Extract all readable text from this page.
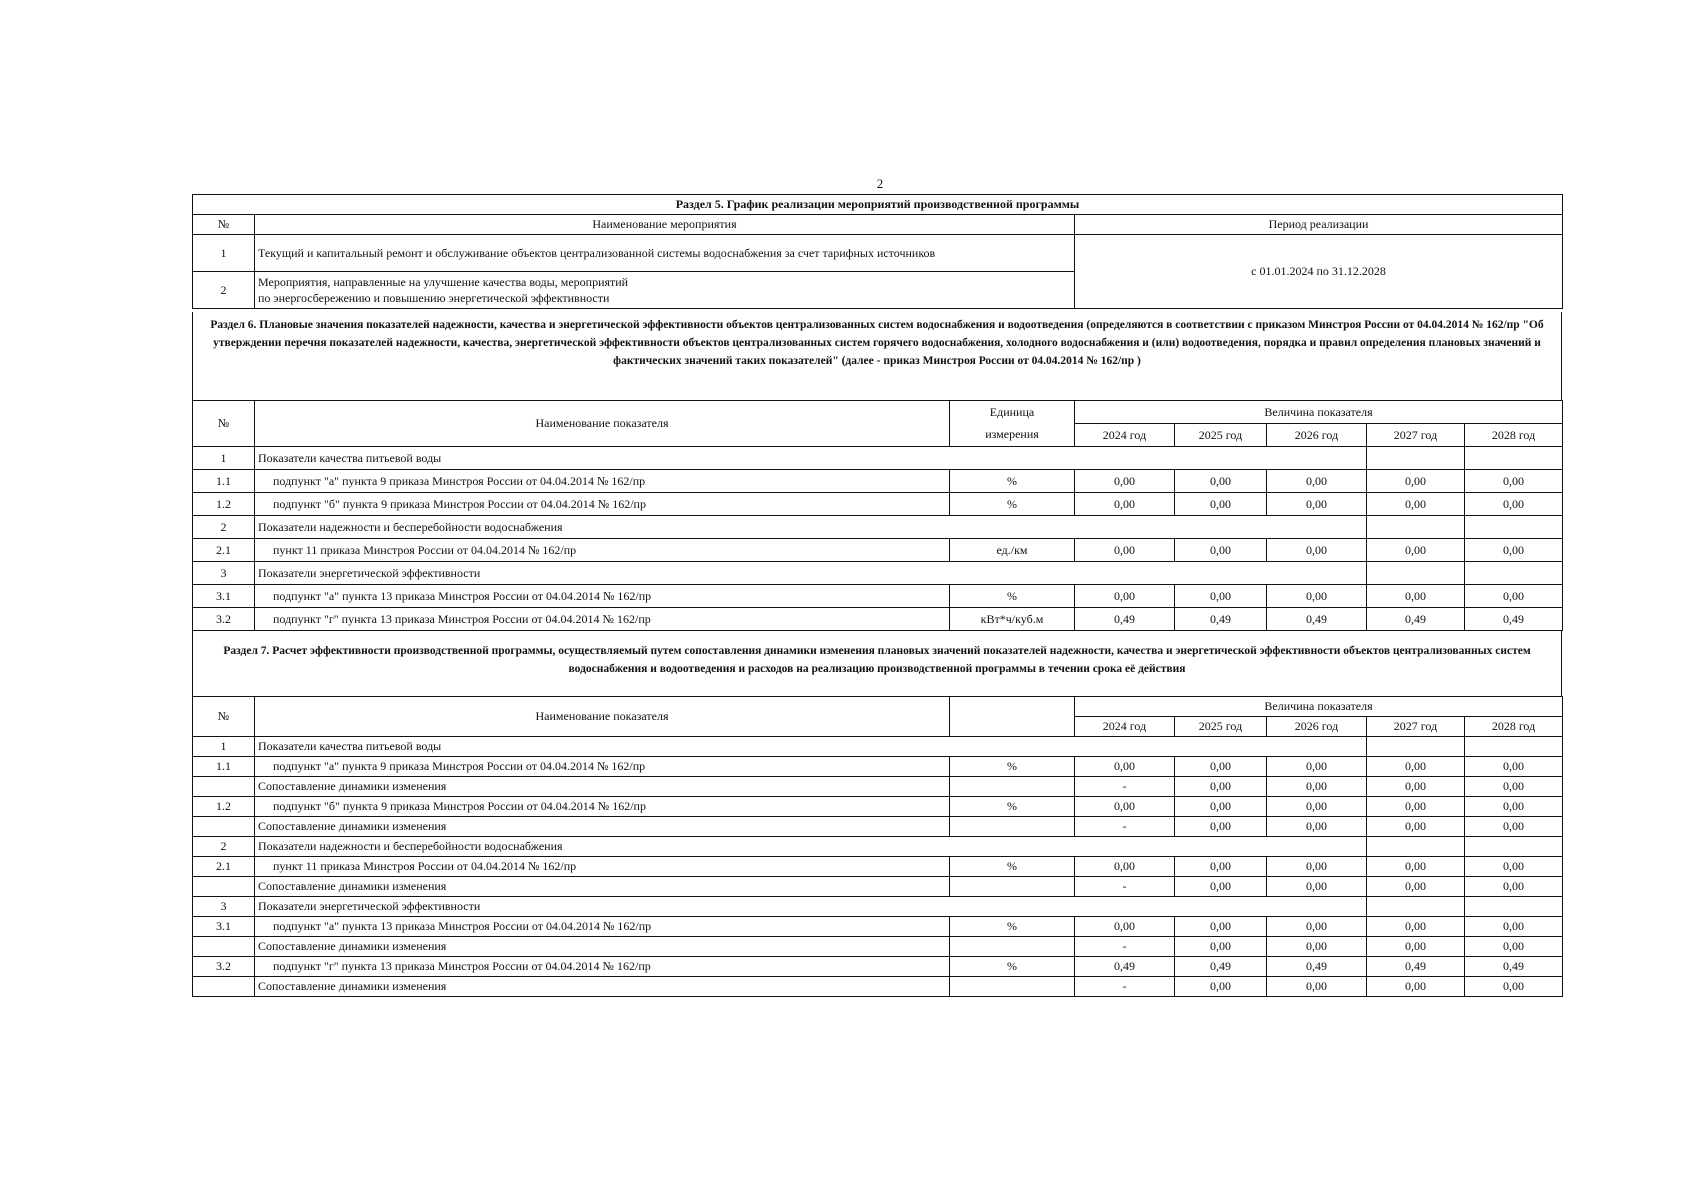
2
Раздел 5. График реализации мероприятий производственной программы		
№	Наименование мероприятия	Период реализации
1	Текущий и капитальный ремонт и обслуживание объектов централизованной системы водоснабжения за счет тарифных источников	с 01.01.2024 по 31.12.2028
2	Мероприятия, направленные на улучшение качества воды, мероприятий
по энергосбережению и повышению энергетической эффективности	
Раздел 6. Плановые значения показателей надежности, качества и энергетической эффективности объектов централизованных систем водоснабжения и водоотведения (определяются в соответствии с приказом Минстроя России от 04.04.2014 № 162/пр "Об утверждении перечня показателей надежности, качества, энергетической эффективности объектов централизованных систем горячего водоснабжения, холодного водоснабжения и (или) водоотведения, порядка и правил определения плановых значений и фактических значений таких показателей" (далее - приказ Минстроя России от 04.04.2014 № 162/пр )
№	Наименование показателя	Единица	Величина показателя				
		измерения	2024 год	2025 год	2026 год	2027 год	2028 год
1	Показатели качества питьевой воды						
1.1	подпункт "а" пункта 9 приказа Минстроя России от 04.04.2014 № 162/пр	%	0,00	0,00	0,00	0,00	0,00
1.2	подпункт "б" пункта 9 приказа Минстроя России от 04.04.2014 № 162/пр	%	0,00	0,00	0,00	0,00	0,00
2	Показатели надежности и бесперебойности водоснабжения						
2.1	пункт 11 приказа Минстроя России от 04.04.2014 № 162/пр	ед./км	0,00	0,00	0,00	0,00	0,00
3	Показатели энергетической эффективности						
3.1	подпункт "а" пункта 13 приказа Минстроя России от 04.04.2014 № 162/пр	%	0,00	0,00	0,00	0,00	0,00
3.2	подпункт "г" пункта 13 приказа Минстроя России от 04.04.2014 № 162/пр	кВт*ч/куб.м	0,49	0,49	0,49	0,49	0,49
Раздел 7. Расчет эффективности производственной программы, осуществляемый путем сопоставления динамики изменения плановых значений показателей надежности, качества и энергетической эффективности объектов централизованных систем водоснабжения и водоотведения и расходов на реализацию производственной программы в течении срока её действия
№	Наименование показателя		Величина показателя				
			2024 год	2025 год	2026 год	2027 год	2028 год
1	Показатели качества питьевой воды						
1.1	подпункт "а" пункта 9 приказа Минстроя России от 04.04.2014 № 162/пр	%	0,00	0,00	0,00	0,00	0,00
	Сопоставление динамики изменения		-	0,00	0,00	0,00	0,00
1.2	подпункт "б" пункта 9 приказа Минстроя России от 04.04.2014 № 162/пр	%	0,00	0,00	0,00	0,00	0,00
	Сопоставление динамики изменения		-	0,00	0,00	0,00	0,00
2	Показатели надежности и бесперебойности водоснабжения						
2.1	пункт 11 приказа Минстроя России от 04.04.2014 № 162/пр	%	0,00	0,00	0,00	0,00	0,00
	Сопоставление динамики изменения		-	0,00	0,00	0,00	0,00
3	Показатели энергетической эффективности						
3.1	подпункт "а" пункта 13 приказа Минстроя России от 04.04.2014 № 162/пр	%	0,00	0,00	0,00	0,00	0,00
	Сопоставление динамики изменения		-	0,00	0,00	0,00	0,00
3.2	подпункт "г" пункта 13 приказа Минстроя России от 04.04.2014 № 162/пр	%	0,49	0,49	0,49	0,49	0,49
	Сопоставление динамики изменения		-	0,00	0,00	0,00	0,00
